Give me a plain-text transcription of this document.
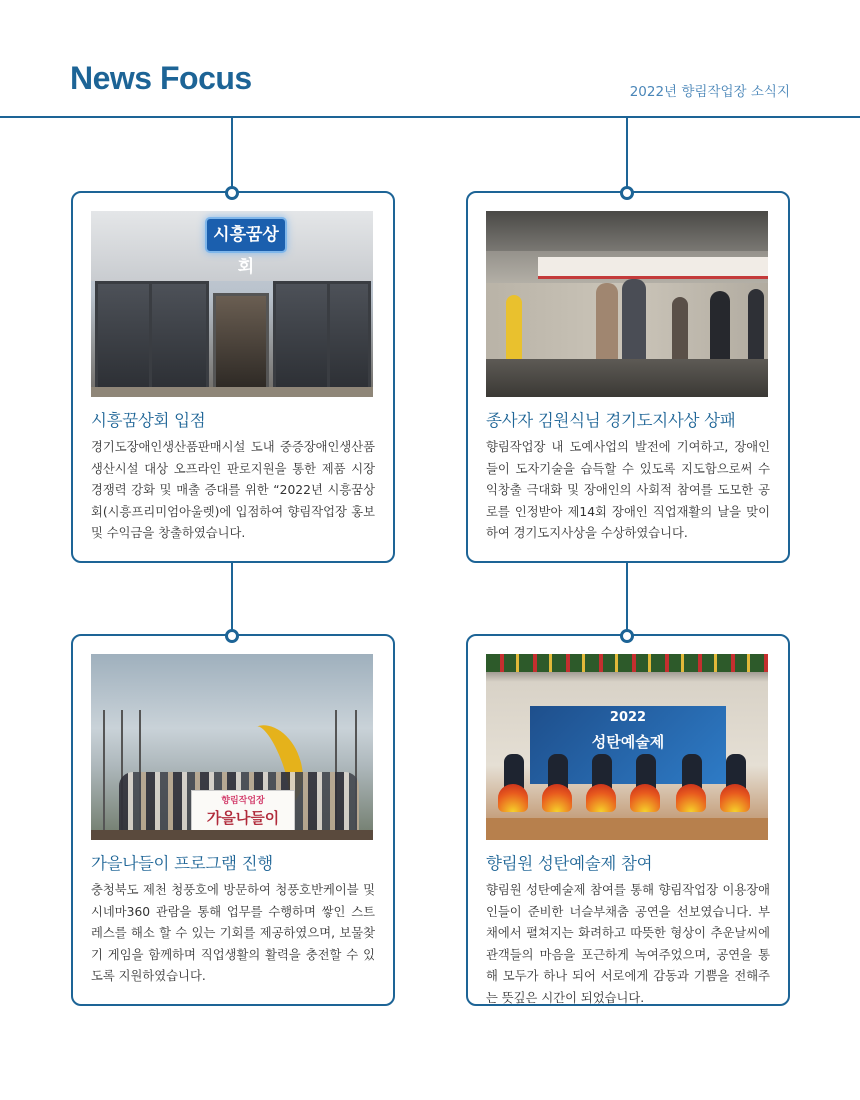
News Focus	2022년 향림작업장 소식지
시흥꿈상회
시흥꿈상회 입점
경기도장애인생산품판매시설 도내 중증장애인생산품생산시설 대상 오프라인 판로지원을 통한 제품 시장 경쟁력 강화 및 매출 증대를 위한 “2022년 시흥꿈상회(시흥프리미엄아울렛)에 입점하여 향림작업장 홍보 및 수익금을 창출하였습니다.
종사자 김원식님 경기도지사상 상패
향림작업장 내 도예사업의 발전에 기여하고, 장애인들이 도자기술을 습득할 수 있도록 지도함으로써 수익창출 극대화 및 장애인의 사회적 참여를 도모한 공로를 인정받아 제14회 장애인 직업재활의 날을 맞이하여 경기도지사상을 수상하였습니다.
향림작업장
가을나들이
가을나들이 프로그램 진행
충청북도 제천 청풍호에 방문하여 청풍호반케이블 및 시네마360 관람을 통해 업무를 수행하며 쌓인 스트레스를 해소 할 수 있는 기회를 제공하였으며, 보물찾기 게임을 함께하며 직업생활의 활력을 충전할 수 있도록 지원하였습니다.
2022
성탄예술제
향림원 성탄예술제 참여
향림원 성탄예술제 참여를 통해 향림작업장 이용장애인들이 준비한 너슬부채춤 공연을 선보였습니다. 부채에서 펼쳐지는 화려하고 따뜻한 형상이 추운날씨에 관객들의 마음을 포근하게 녹여주었으며, 공연을 통해 모두가 하나 되어 서로에게 감동과 기쁨을 전해주는 뜻깊은 시간이 되었습니다.
